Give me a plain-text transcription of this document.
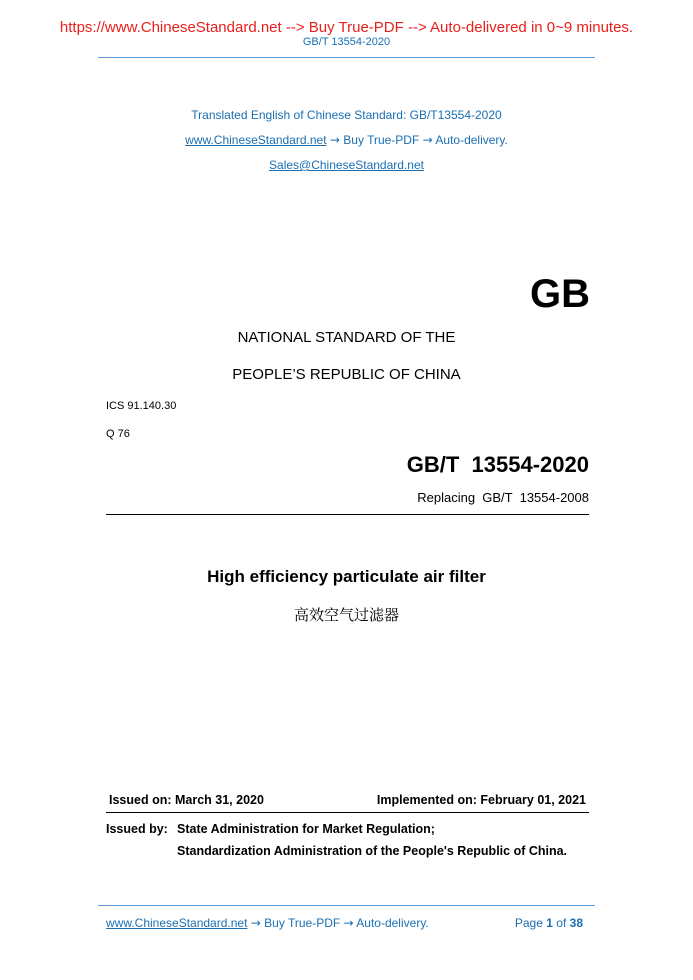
https://www.ChineseStandard.net --> Buy True-PDF --> Auto-delivered in 0~9 minutes.
GB/T 13554-2020
Translated English of Chinese Standard: GB/T13554-2020
www.ChineseStandard.net → Buy True-PDF → Auto-delivery.
Sales@ChineseStandard.net
GB
NATIONAL STANDARD OF THE
PEOPLE’S REPUBLIC OF CHINA
ICS 91.140.30
Q 76
GB/T  13554-2020
Replacing  GB/T  13554-2008
High efficiency particulate air filter
高效空气过滤器
Issued on: March 31, 2020	Implemented on: February 01, 2021
Issued by: State Administration for Market Regulation;
Standardization Administration of the People's Republic of China.
www.ChineseStandard.net → Buy True-PDF → Auto-delivery.	Page 1 of 38
